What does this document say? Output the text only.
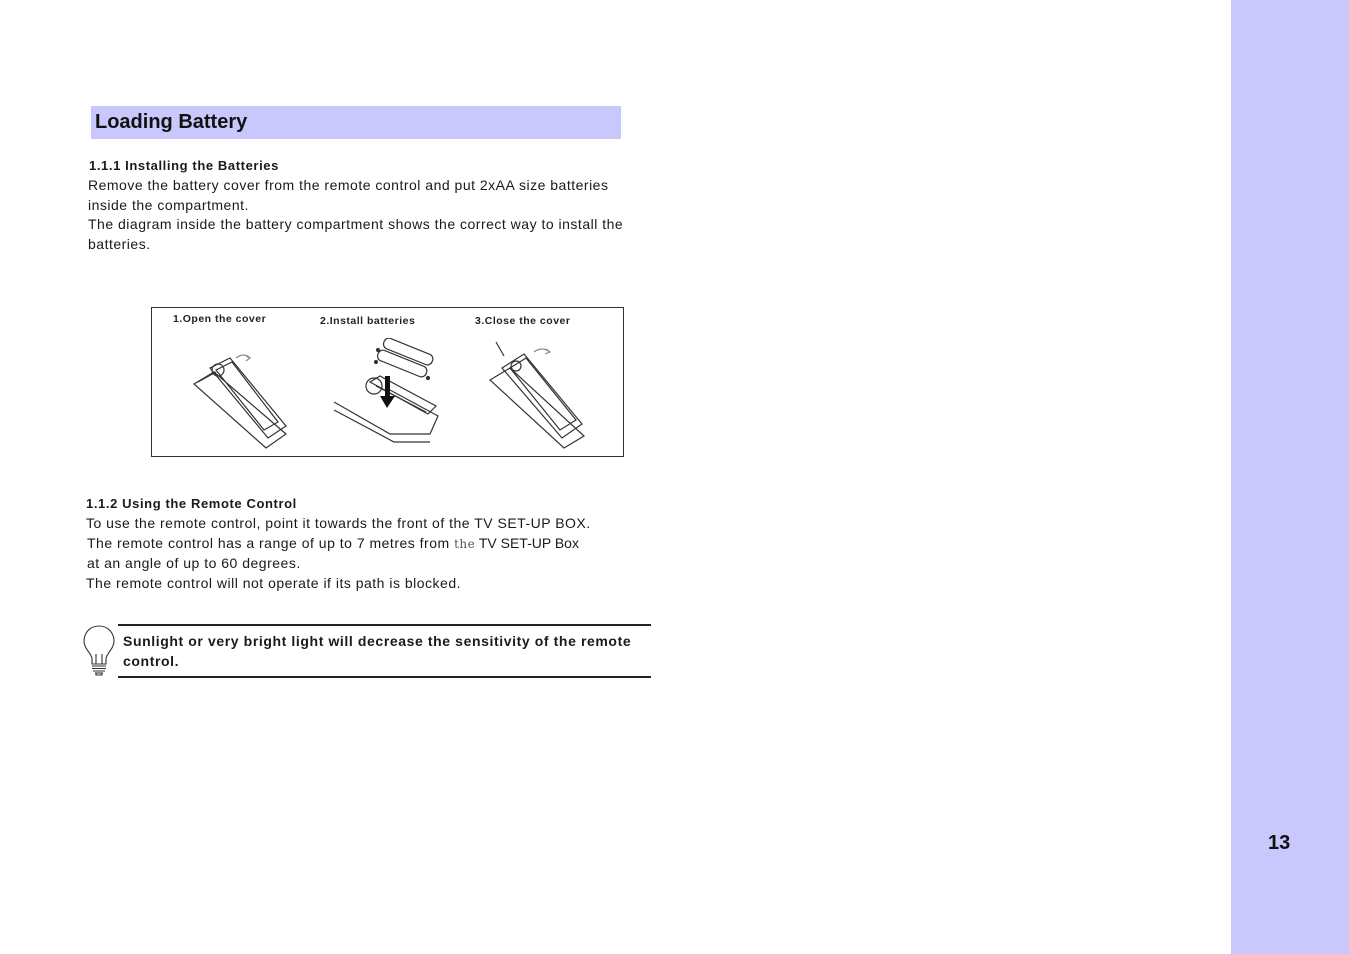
13
Loading Battery
1.1.1 Installing the Batteries
Remove the battery cover from the remote control and put 2xAA size batteries
inside the compartment.
The diagram inside the battery compartment shows the correct way to install the
batteries.
1.Open the cover	2.Install batteries	3.Close the cover
1.1.2 Using the Remote Control
To use the remote control, point it towards the front of the TV SET-UP BOX.
The remote control has a range of up to 7 metres from the TV SET-UP Box
at an angle of up to 60 degrees.
The remote control will not operate if its path is blocked.
Sunlight or very bright light will decrease the sensitivity of the remote
control.
